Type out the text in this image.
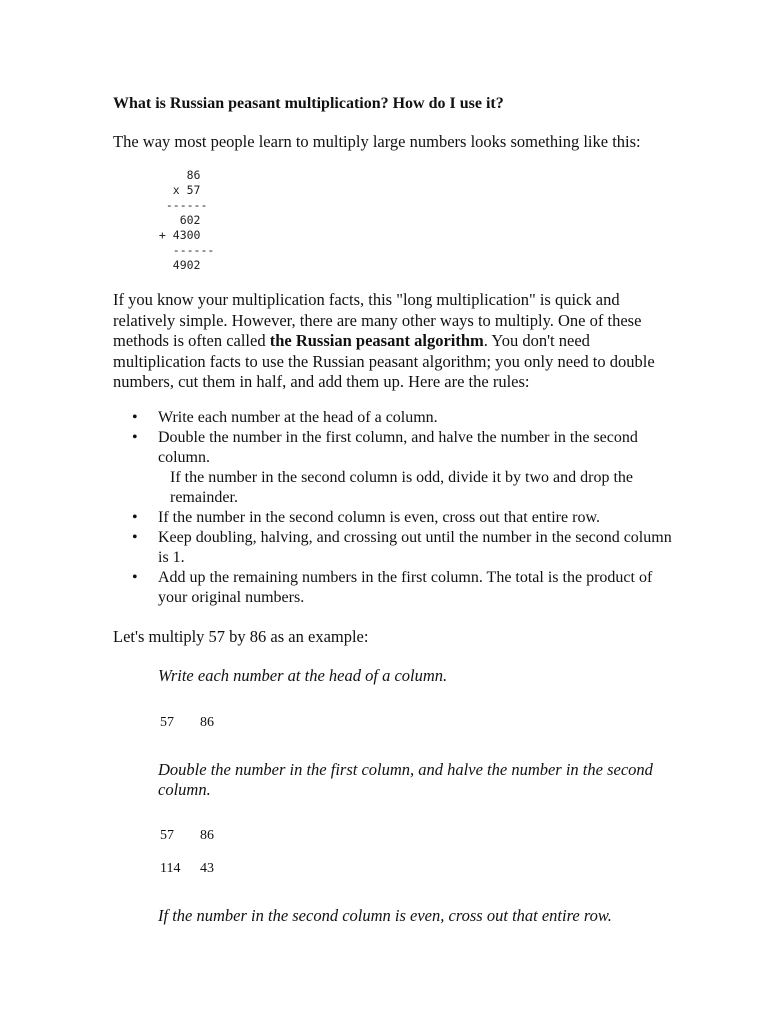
What is Russian peasant multiplication? How do I use it?
The way most people learn to multiply large numbers looks something like this:
86
x 57
------
602
+ 4300
------
4902
If you know your multiplication facts, this "long multiplication" is quick and relatively simple. However, there are many other ways to multiply. One of these methods is often called the Russian peasant algorithm. You don't need multiplication facts to use the Russian peasant algorithm; you only need to double numbers, cut them in half, and add them up. Here are the rules:
• Write each number at the head of a column.
• Double the number in the first column, and halve the number in the second column.
If the number in the second column is odd, divide it by two and drop the remainder.
• If the number in the second column is even, cross out that entire row.
• Keep doubling, halving, and crossing out until the number in the second column is 1.
• Add up the remaining numbers in the first column. The total is the product of your original numbers.
Let's multiply 57 by 86 as an example:
Write each number at the head of a column.
57 86
Double the number in the first column, and halve the number in the second column.
57 86
114 43
If the number in the second column is even, cross out that entire row.
